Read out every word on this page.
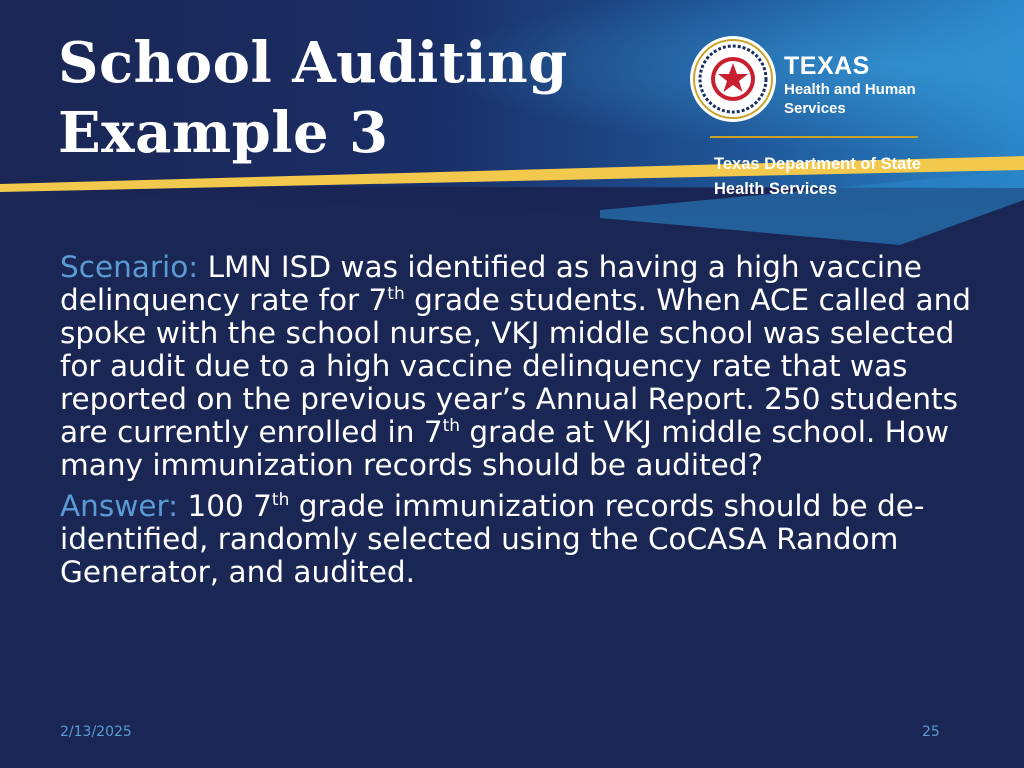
School Auditing
Example 3
TEXAS
Health and Human
Services
Texas Department of State
Health Services

Scenario: LMN ISD was identified as having a high vaccine delinquency rate for 7th grade students. When ACE called and spoke with the school nurse, VKJ middle school was selected for audit due to a high vaccine delinquency rate that was reported on the previous year’s Annual Report. 250 students are currently enrolled in 7th grade at VKJ middle school. How many immunization records should be audited?

Answer: 100 7th grade immunization records should be de-identified, randomly selected using the CoCASA Random Generator, and audited.

2/13/2025	25
